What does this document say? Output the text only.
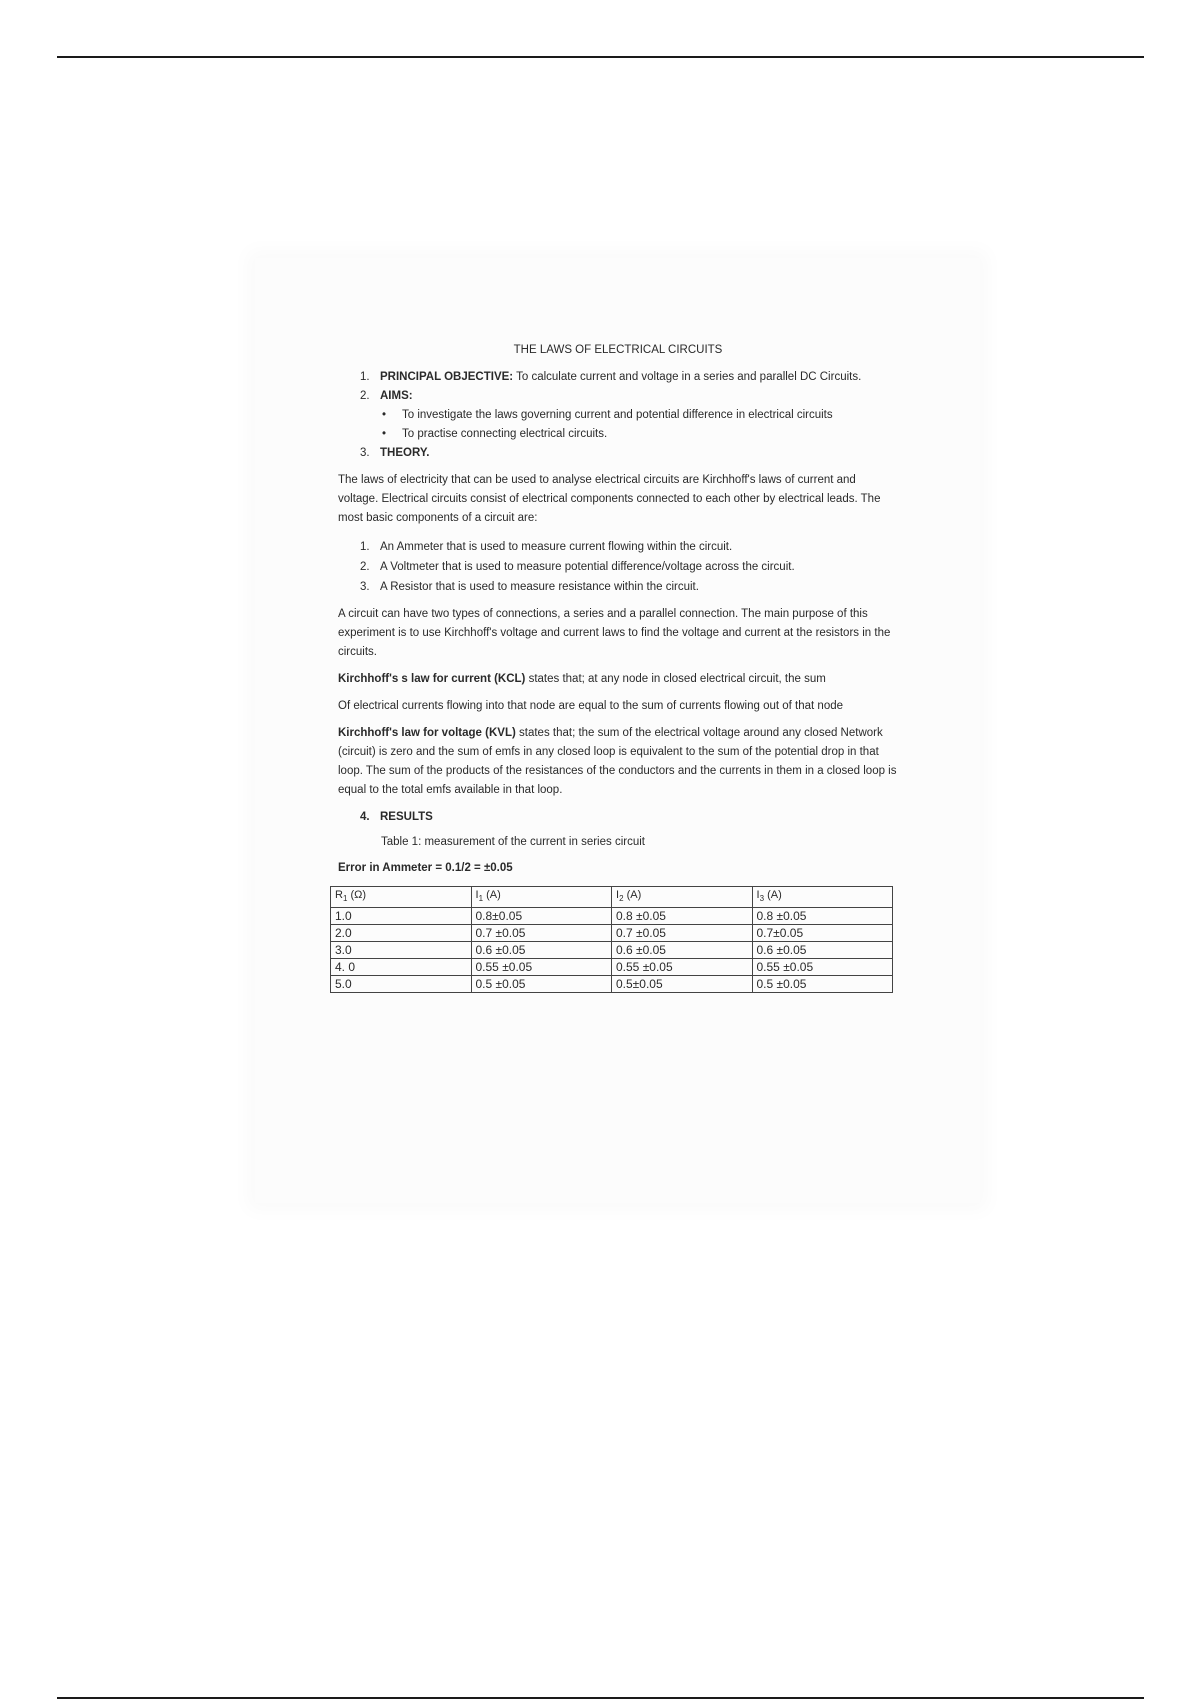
THE LAWS OF ELECTRICAL CIRCUITS
1. PRINCIPAL OBJECTIVE: To calculate current and voltage in a series and parallel DC Circuits.
2. AIMS:
• To investigate the laws governing current and potential difference in electrical circuits
• To practise connecting electrical circuits.
3. THEORY.

The laws of electricity that can be used to analyse electrical circuits are Kirchhoff's laws of current and voltage. Electrical circuits consist of electrical components connected to each other by electrical leads. The most basic components of a circuit are:

1. An Ammeter that is used to measure current flowing within the circuit.
2. A Voltmeter that is used to measure potential difference/voltage across the circuit.
3. A Resistor that is used to measure resistance within the circuit.

A circuit can have two types of connections, a series and a parallel connection. The main purpose of this experiment is to use Kirchhoff's voltage and current laws to find the voltage and current at the resistors in the circuits.

Kirchhoff's s law for current (KCL) states that; at any node in closed electrical circuit, the sum

Of electrical currents flowing into that node are equal to the sum of currents flowing out of that node

Kirchhoff's law for voltage (KVL) states that; the sum of the electrical voltage around any closed Network (circuit) is zero and the sum of emfs in any closed loop is equivalent to the sum of the potential drop in that loop. The sum of the products of the resistances of the conductors and the currents in them in a closed loop is equal to the total emfs available in that loop.

4. RESULTS
Table 1: measurement of the current in series circuit
Error in Ammeter = 0.1/2 = ±0.05
$R_1$ (Ω)	$I_1$ (A)	$I_2$ (A)	$I_3$ (A)
1.0	0.8±0.05	0.8 ±0.05	0.8 ±0.05
2.0	0.7 ±0.05	0.7 ±0.05	0.7±0.05
3.0	0.6 ±0.05	0.6 ±0.05	0.6 ±0.05
4. 0	0.55 ±0.05	0.55 ±0.05	0.55 ±0.05
5.0	0.5 ±0.05	0.5±0.05	0.5 ±0.05
